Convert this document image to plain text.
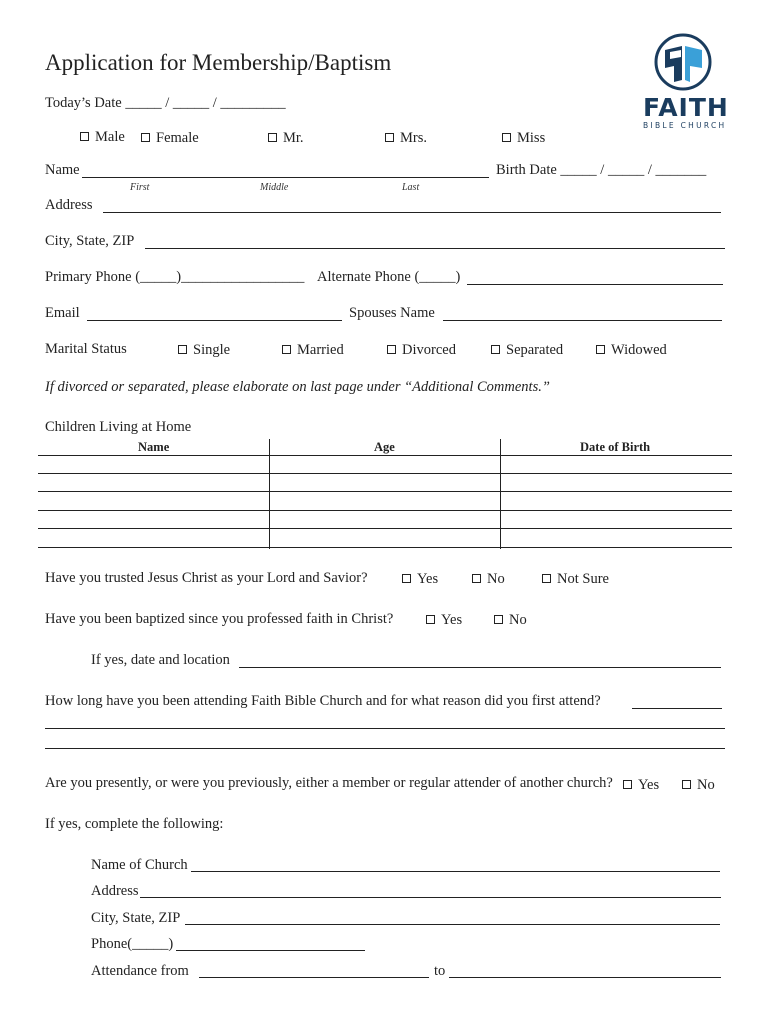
Application for Membership/Baptism
FAITH
BIBLE CHURCH
Today’s Date _____ / _____ / _________
Male	Female	Mr.	Mrs.	Miss
Name
First	Middle	Last
Birth Date _____ / _____ / _______
Address
City, State, ZIP
Primary Phone (_____)_________________ Alternate Phone (_____)
Email	Spouses Name
Marital Status	Single	Married	Divorced	Separated	Widowed
If divorced or separated, please elaborate on last page under “Additional Comments.”
Children Living at Home
Name	Age	Date of Birth
Have you trusted Jesus Christ as your Lord and Savior?	Yes	No	Not Sure
Have you been baptized since you professed faith in Christ?	Yes	No
If yes, date and location
How long have you been attending Faith Bible Church and for what reason did you first attend?
Are you presently, or were you previously, either a member or regular attender of another church?	Yes	No
If yes, complete the following:
Name of Church
Address
City, State, ZIP
Phone(_____)
Attendance from	to
